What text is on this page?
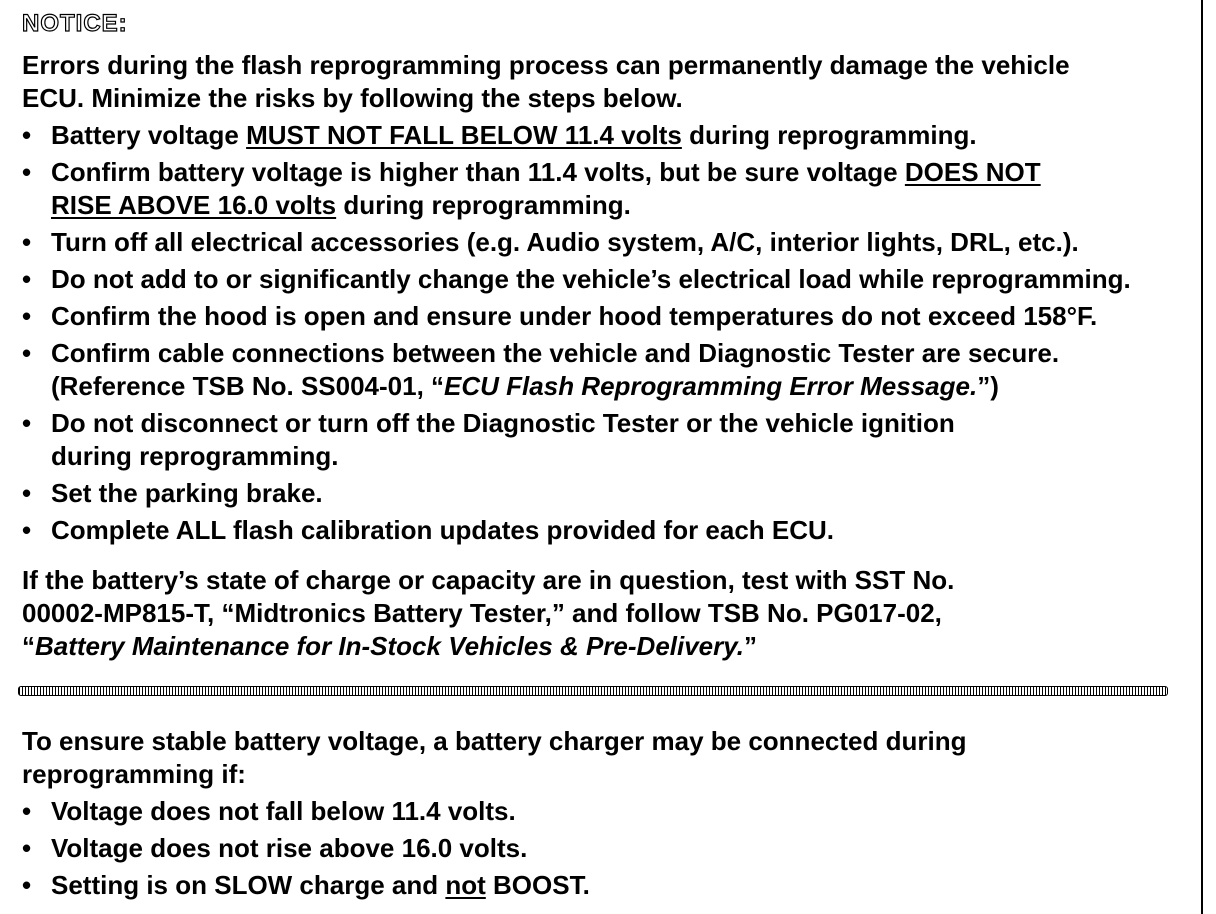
NOTICE:

Errors during the flash reprogramming process can permanently damage the vehicle
ECU. Minimize the risks by following the steps below.

• Battery voltage MUST NOT FALL BELOW 11.4 volts during reprogramming.
• Confirm battery voltage is higher than 11.4 volts, but be sure voltage DOES NOT
RISE ABOVE 16.0 volts during reprogramming.
• Turn off all electrical accessories (e.g. Audio system, A/C, interior lights, DRL, etc.).
• Do not add to or significantly change the vehicle’s electrical load while reprogramming.
• Confirm the hood is open and ensure under hood temperatures do not exceed 158°F.
• Confirm cable connections between the vehicle and Diagnostic Tester are secure.
(Reference TSB No. SS004-01, “ECU Flash Reprogramming Error Message.”)
• Do not disconnect or turn off the Diagnostic Tester or the vehicle ignition
during reprogramming.
• Set the parking brake.
• Complete ALL flash calibration updates provided for each ECU.

If the battery’s state of charge or capacity are in question, test with SST No.
00002-MP815-T, “Midtronics Battery Tester,” and follow TSB No. PG017-02,
“Battery Maintenance for In-Stock Vehicles & Pre-Delivery.”

To ensure stable battery voltage, a battery charger may be connected during
reprogramming if:

• Voltage does not fall below 11.4 volts.
• Voltage does not rise above 16.0 volts.
• Setting is on SLOW charge and not BOOST.
